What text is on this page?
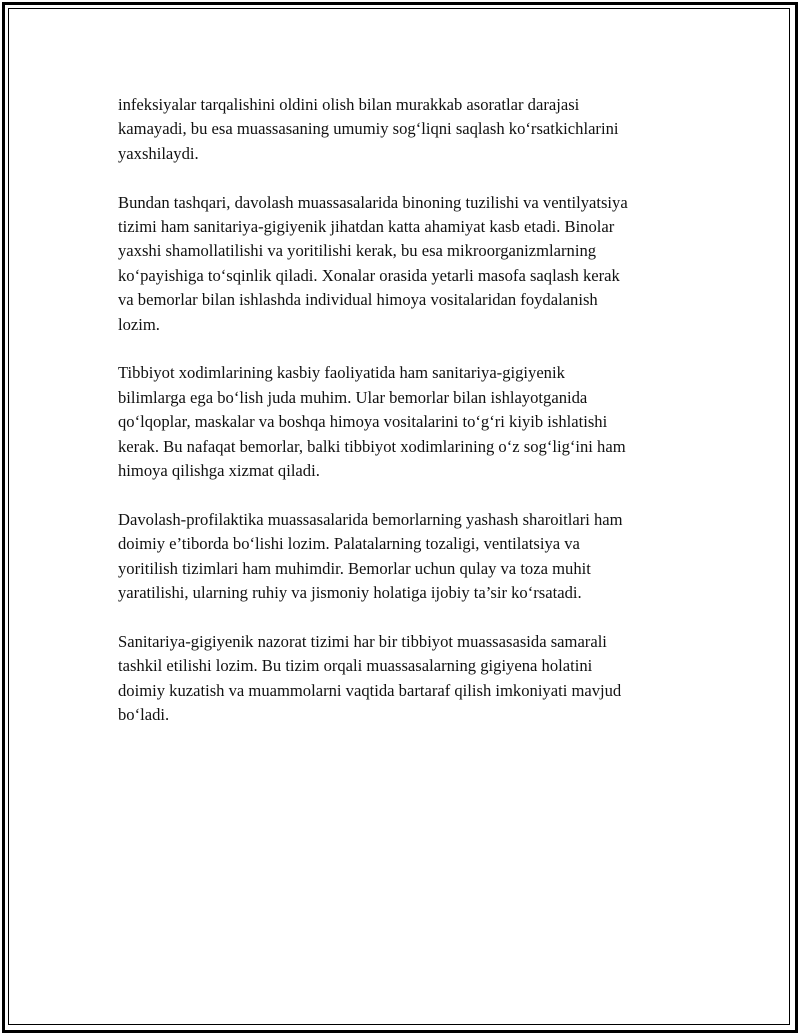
infeksiyalar tarqalishini oldini olish bilan murakkab asoratlar darajasi
kamayadi, bu esa muassasaning umumiy sog‘liqni saqlash ko‘rsatkichlarini
yaxshilaydi.

Bundan tashqari, davolash muassasalarida binoning tuzilishi va ventilyatsiya
tizimi ham sanitariya-gigiyenik jihatdan katta ahamiyat kasb etadi. Binolar
yaxshi shamollatilishi va yoritilishi kerak, bu esa mikroorganizmlarning
ko‘payishiga to‘sqinlik qiladi. Xonalar orasida yetarli masofa saqlash kerak
va bemorlar bilan ishlashda individual himoya vositalaridan foydalanish
lozim.

Tibbiyot xodimlarining kasbiy faoliyatida ham sanitariya-gigiyenik
bilimlarga ega bo‘lish juda muhim. Ular bemorlar bilan ishlayotganida
qo‘lqoplar, maskalar va boshqa himoya vositalarini to‘g‘ri kiyib ishlatishi
kerak. Bu nafaqat bemorlar, balki tibbiyot xodimlarining o‘z sog‘lig‘ini ham
himoya qilishga xizmat qiladi.

Davolash-profilaktika muassasalarida bemorlarning yashash sharoitlari ham
doimiy e’tiborda bo‘lishi lozim. Palatalarning tozaligi, ventilatsiya va
yoritilish tizimlari ham muhimdir. Bemorlar uchun qulay va toza muhit
yaratilishi, ularning ruhiy va jismoniy holatiga ijobiy ta’sir ko‘rsatadi.

Sanitariya-gigiyenik nazorat tizimi har bir tibbiyot muassasasida samarali
tashkil etilishi lozim. Bu tizim orqali muassasalarning gigiyena holatini
doimiy kuzatish va muammolarni vaqtida bartaraf qilish imkoniyati mavjud
bo‘ladi.
